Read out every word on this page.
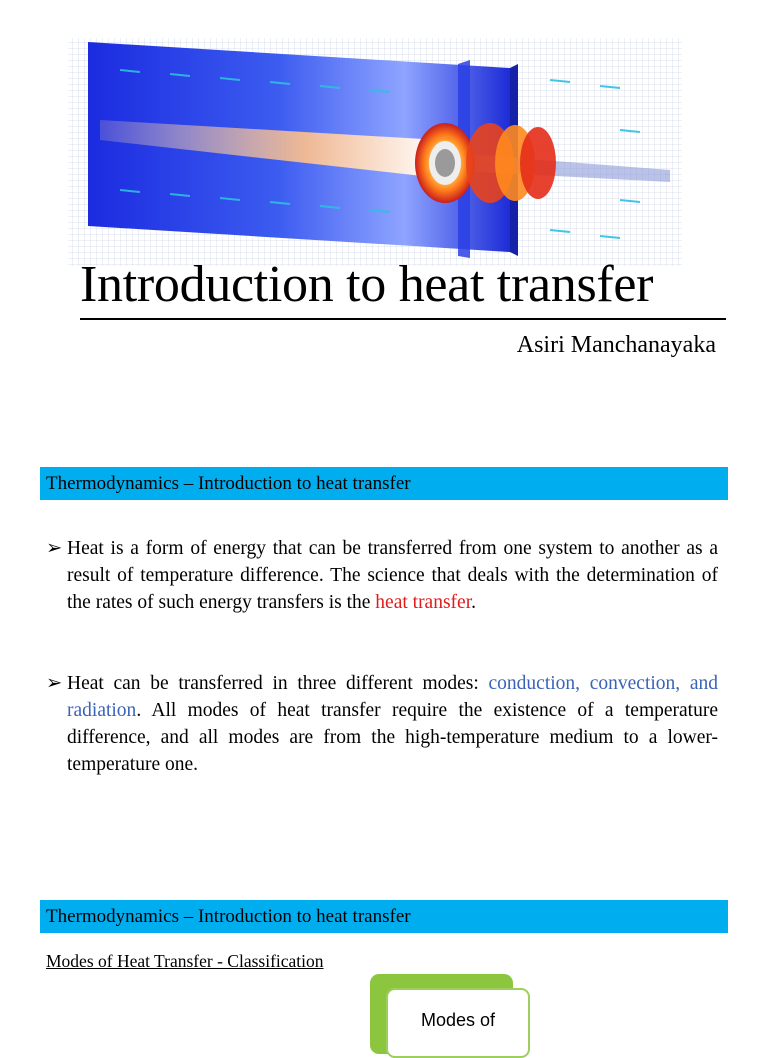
Introduction to heat transfer
Asiri Manchanayaka
Thermodynamics – Introduction to heat transfer
➢ Heat is a form of energy that can be transferred from one system to another as a result of temperature difference. The science that deals with the determination of the rates of such energy transfers is the heat transfer.
➢ Heat can be transferred in three different modes: conduction, convection, and radiation. All modes of heat transfer require the existence of a temperature difference, and all modes are from the high-temperature medium to a lower-temperature one.
Thermodynamics – Introduction to heat transfer
Modes of Heat Transfer - Classification
Modes of
